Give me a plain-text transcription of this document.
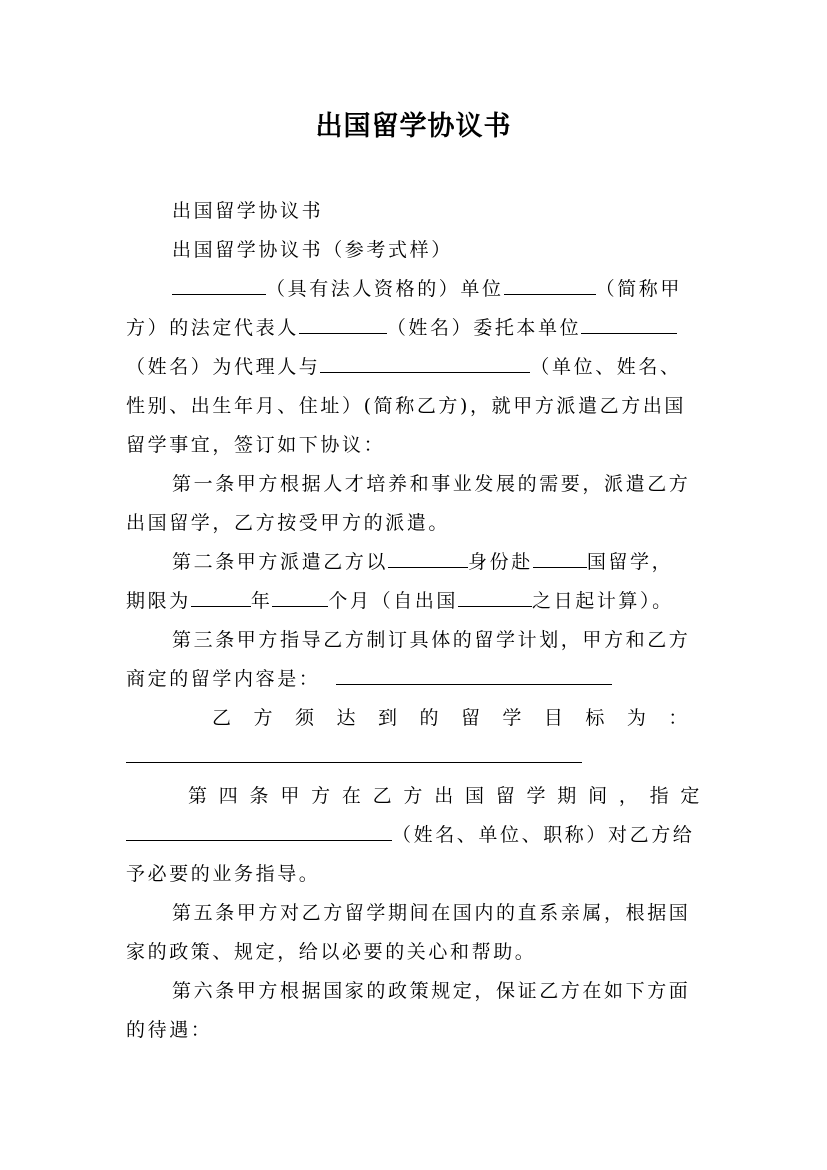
出国留学协议书
出国留学协议书
出国留学协议书（参考式样）
（具有法人资格的）单位	（简称甲
方）的法定代表人	（姓名）委托本单位
（姓名）为代理人与	（单位、姓名、
性别、出生年月、住址）(简称乙方)，就甲方派遣乙方出国
留学事宜，签订如下协议：
第一条甲方根据人才培养和事业发展的需要，派遣乙方
出国留学，乙方按受甲方的派遣。
第二条甲方派遣乙方以	身份赴	国留学，
期限为	年	个月（自出国	之日起计算）。
第三条甲方指导乙方制订具体的留学计划，甲方和乙方
商定的留学内容是：
乙方须达到的留学目标为：
第四条甲方在乙方出国留学期间，指定
（姓名、单位、职称）对乙方给
予必要的业务指导。
第五条甲方对乙方留学期间在国内的直系亲属，根据国
家的政策、规定，给以必要的关心和帮助。
第六条甲方根据国家的政策规定，保证乙方在如下方面
的待遇：
